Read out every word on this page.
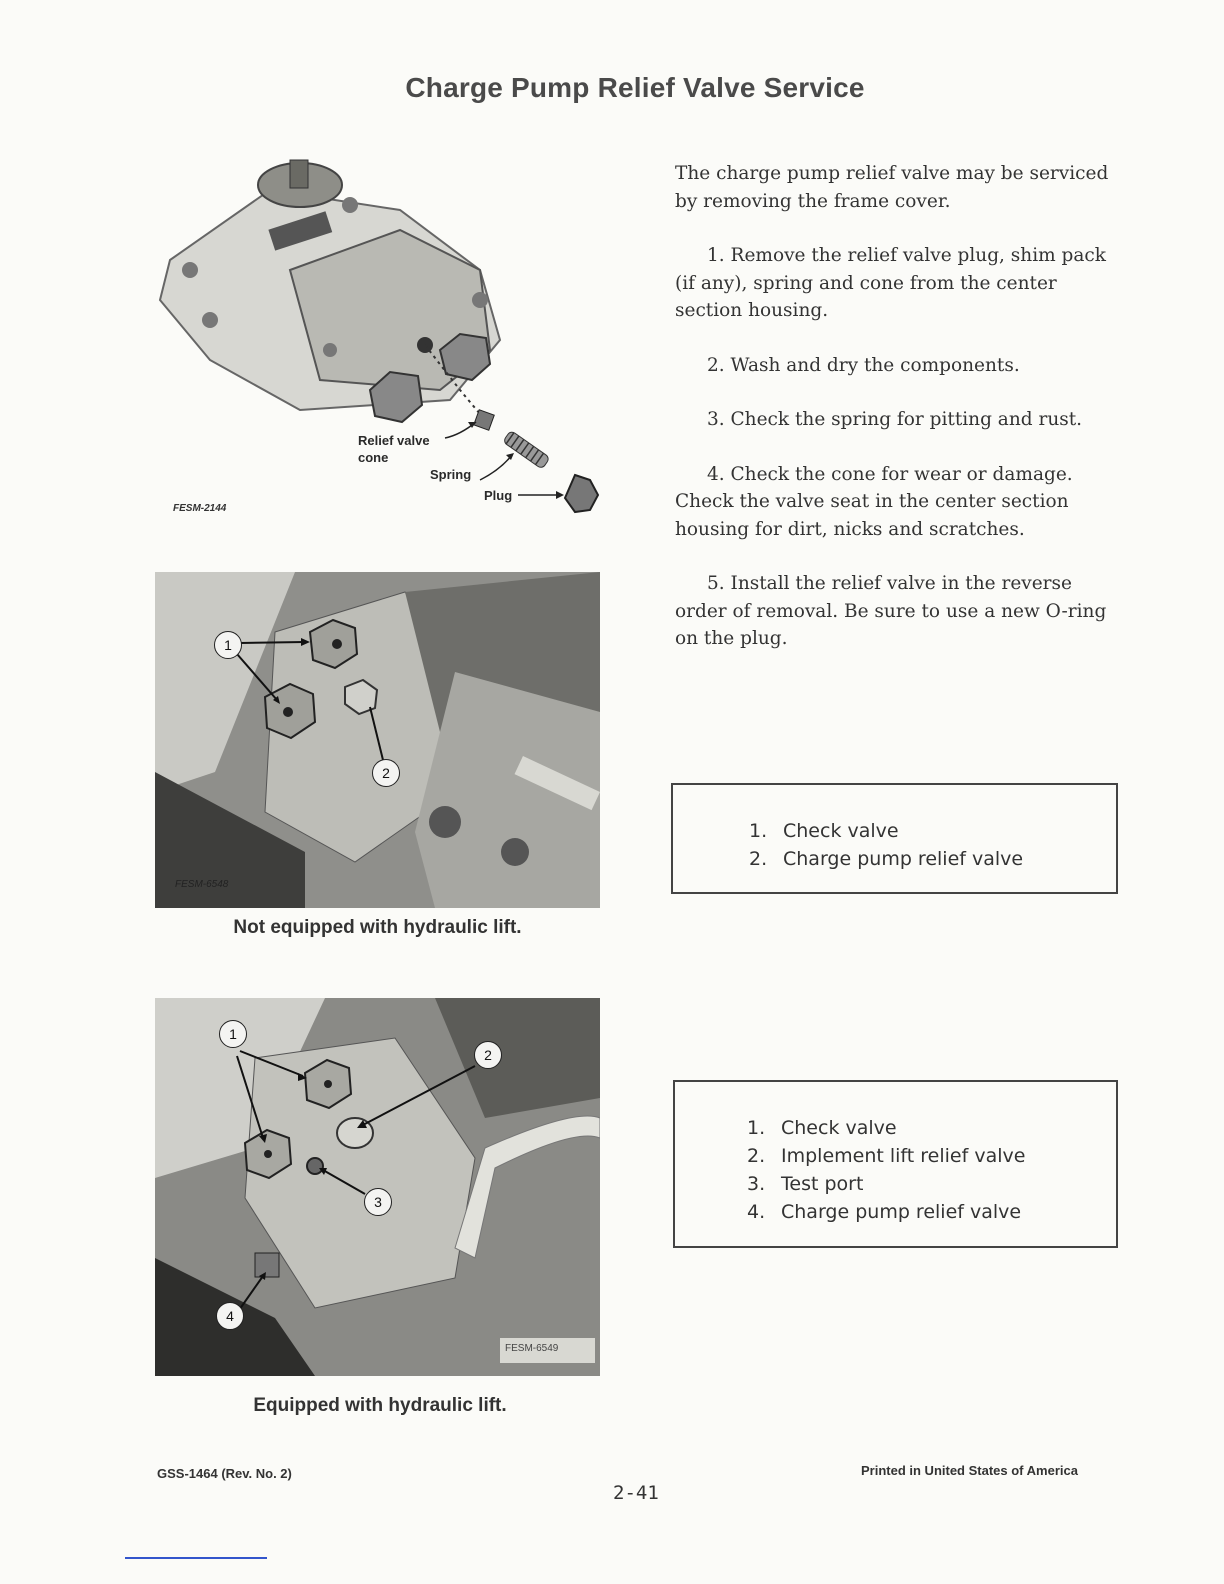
Charge Pump Relief Valve Service
Relief valve
cone
Spring
Plug
FESM-2144
1
2
FESM-6548
Not equipped with hydraulic lift.
1
2
3
4
FESM-6549
Equipped with hydraulic lift.

The charge pump relief valve may be serviced by removing the frame cover.

1. Remove the relief valve plug, shim pack (if any), spring and cone from the center section housing.

2. Wash and dry the components.

3. Check the spring for pitting and rust.

4. Check the cone for wear or damage. Check the valve seat in the center section housing for dirt, nicks and scratches.

5. Install the relief valve in the reverse order of removal. Be sure to use a new O-ring on the plug.

1. Check valve
2. Charge pump relief valve
1. Check valve
2. Implement lift relief valve
3. Test port
4. Charge pump relief valve
GSS-1464 (Rev. No. 2)
2-41
Printed in United States of America
